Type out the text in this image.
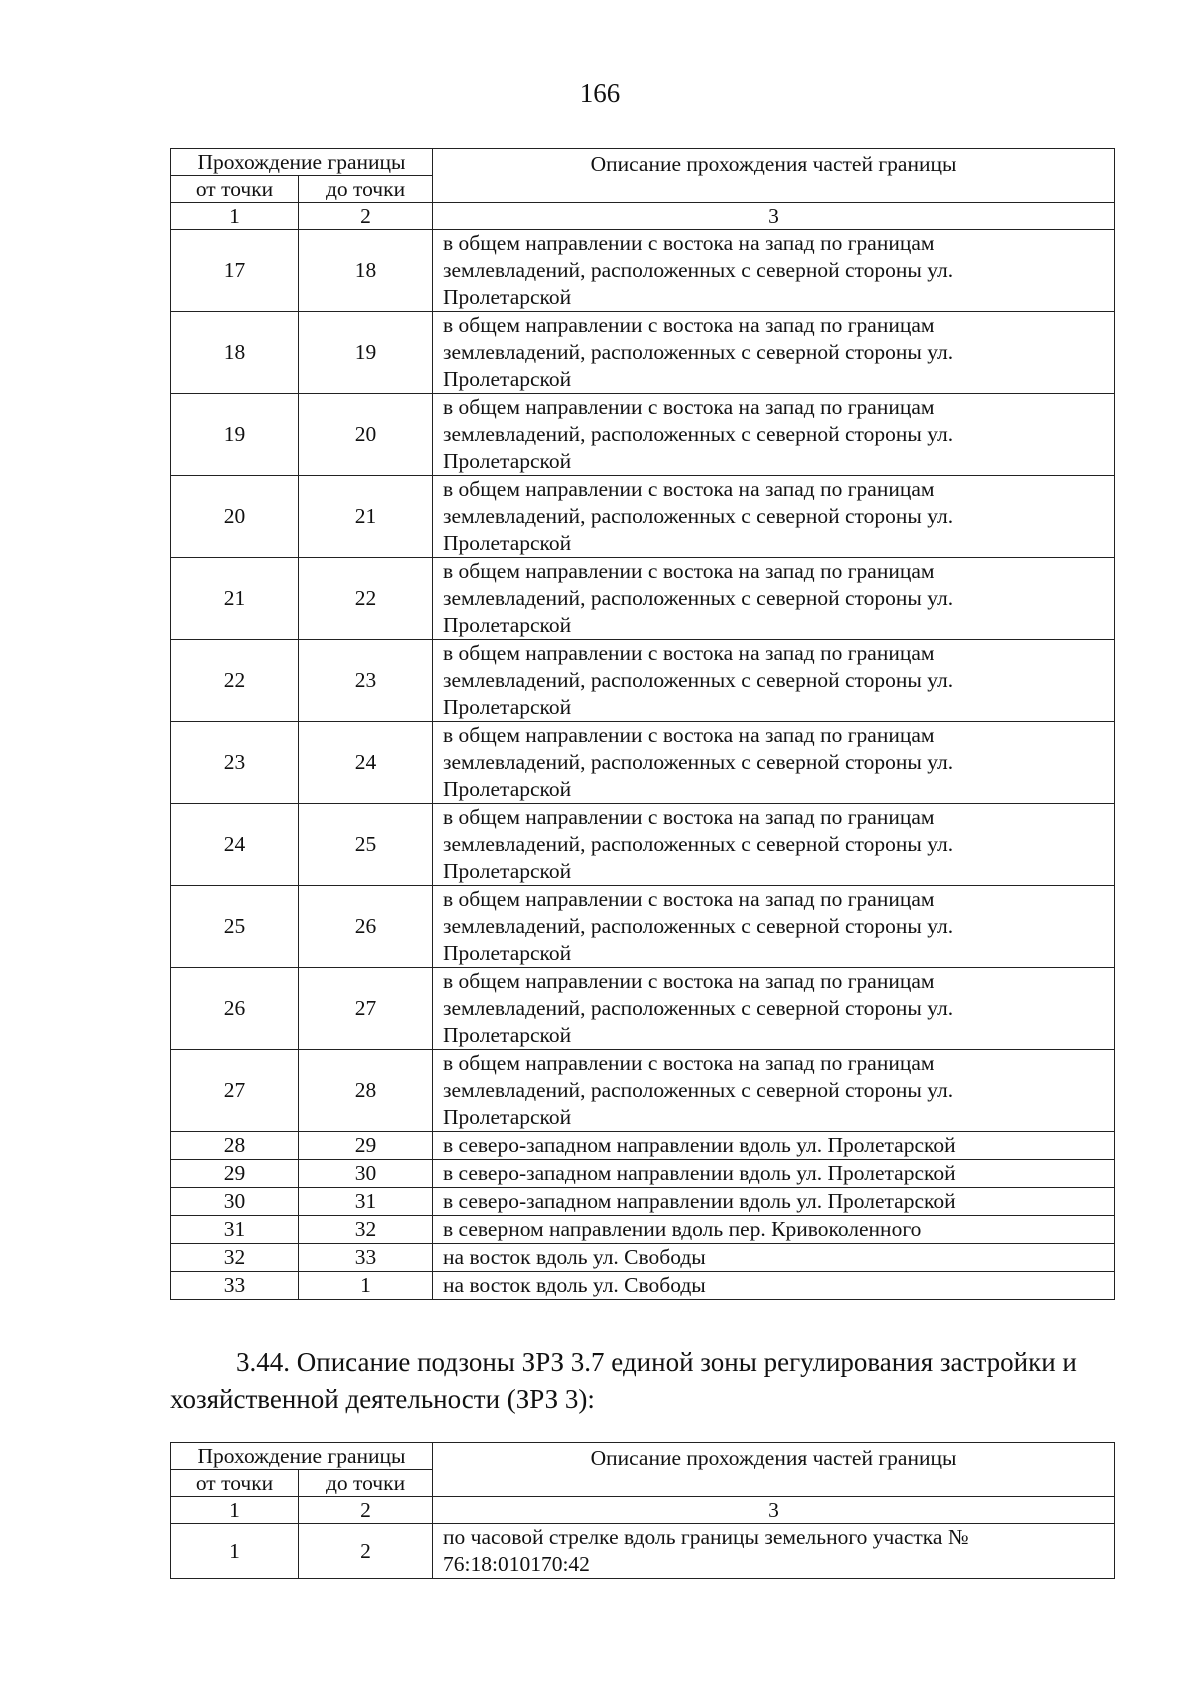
166
Прохождение границы		Описание прохождения частей границы
от точки	до точки	
1	2	3
17	18	в общем направлении с востока на запад по границам
землевладений, расположенных с северной стороны ул.
Пролетарской

18	19	в общем направлении с востока на запад по границам
землевладений, расположенных с северной стороны ул.
Пролетарской

19	20	в общем направлении с востока на запад по границам
землевладений, расположенных с северной стороны ул.
Пролетарской

20	21	в общем направлении с востока на запад по границам
землевладений, расположенных с северной стороны ул.
Пролетарской

21	22	в общем направлении с востока на запад по границам
землевладений, расположенных с северной стороны ул.
Пролетарской

22	23	в общем направлении с востока на запад по границам
землевладений, расположенных с северной стороны ул.
Пролетарской

23	24	в общем направлении с востока на запад по границам
землевладений, расположенных с северной стороны ул.
Пролетарской

24	25	в общем направлении с востока на запад по границам
землевладений, расположенных с северной стороны ул.
Пролетарской

25	26	в общем направлении с востока на запад по границам
землевладений, расположенных с северной стороны ул.
Пролетарской

26	27	в общем направлении с востока на запад по границам
землевладений, расположенных с северной стороны ул.
Пролетарской

27	28	в общем направлении с востока на запад по границам
землевладений, расположенных с северной стороны ул.
Пролетарской

28	29	в северо-западном направлении вдоль ул. Пролетарской

29	30	в северо-западном направлении вдоль ул. Пролетарской

30	31	в северо-западном направлении вдоль ул. Пролетарской

31	32	в северном направлении вдоль пер. Кривоколенного

32	33	на восток вдоль ул. Свободы

33	1	на восток вдоль ул. Свободы
3.44. Описание подзоны ЗРЗ 3.7 единой зоны регулирования застройки и хозяйственной деятельности (ЗРЗ 3):
Прохождение границы		Описание прохождения частей границы
от точки	до точки	
1	2	3
1	2	по часовой стрелке вдоль границы земельного участка №
76:18:010170:42
